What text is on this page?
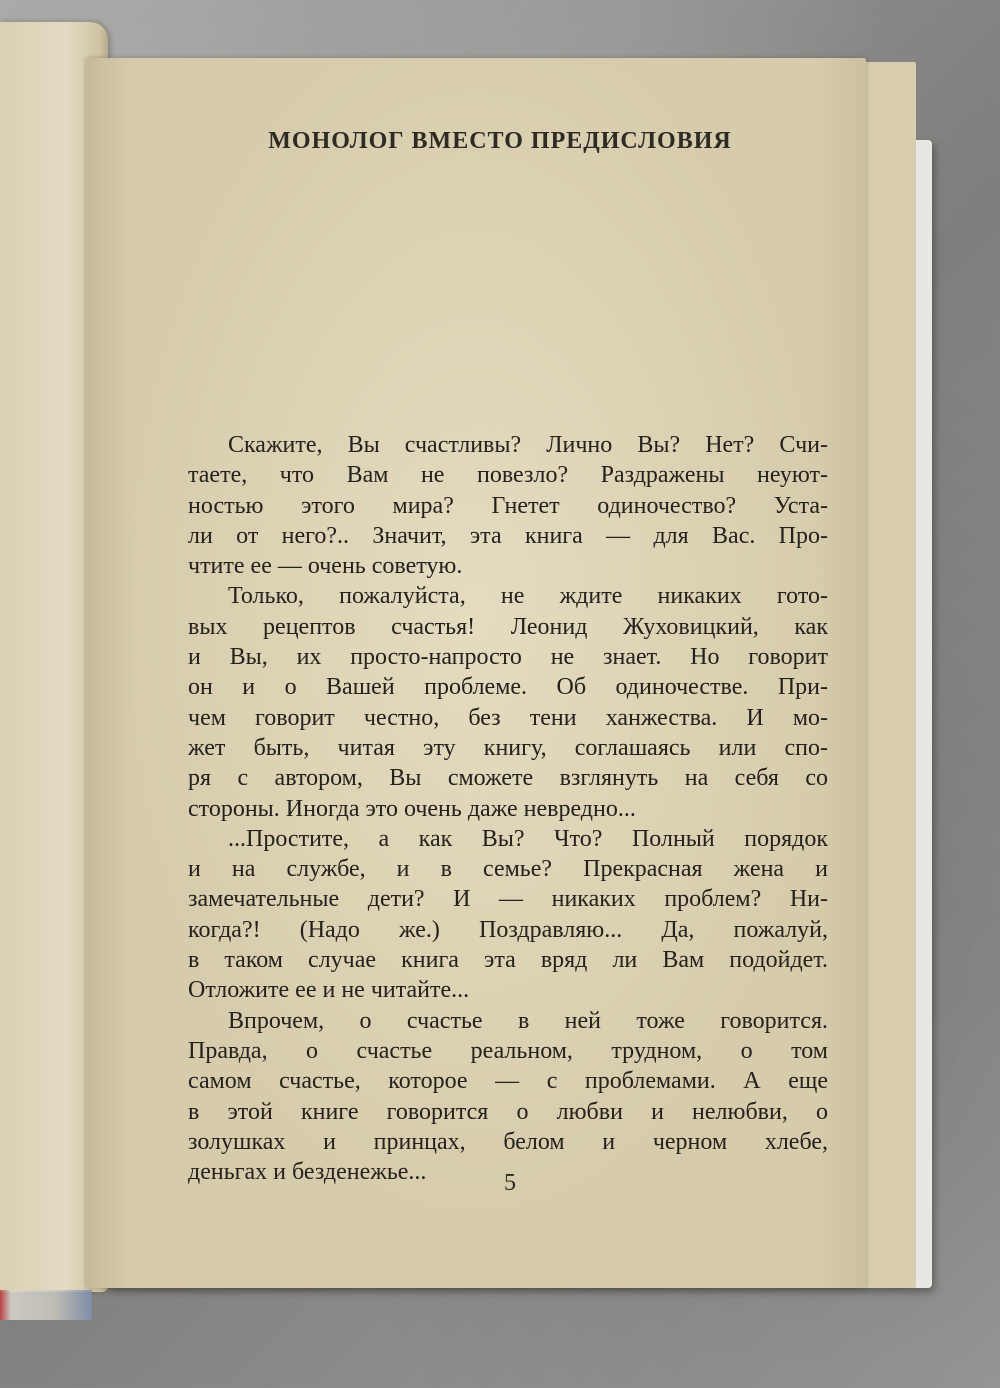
МОНОЛОГ ВМЕСТО ПРЕДИСЛОВИЯ
Скажите, Вы счастливы? Лично Вы? Нет? Счи-
таете, что Вам не повезло? Раздражены неуют-
ностью этого мира? Гнетет одиночество? Уста-
ли от него?.. Значит, эта книга — для Вас. Про-
чтите ее — очень советую.
Только, пожалуйста, не ждите никаких гото-
вых рецептов счастья! Леонид Жуховицкий, как
и Вы, их просто-напросто не знает. Но говорит
он и о Вашей проблеме. Об одиночестве. При-
чем говорит честно, без тени ханжества. И мо-
жет быть, читая эту книгу, соглашаясь или спо-
ря с автором, Вы сможете взглянуть на себя со
стороны. Иногда это очень даже невредно...
...Простите, а как Вы? Что? Полный порядок
и на службе, и в семье? Прекрасная жена и
замечательные дети? И — никаких проблем? Ни-
когда?! (Надо же.) Поздравляю... Да, пожалуй,
в таком случае книга эта вряд ли Вам подойдет.
Отложите ее и не читайте...
Впрочем, о счастье в ней тоже говорится.
Правда, о счастье реальном, трудном, о том
самом счастье, которое — с проблемами. А еще
в этой книге говорится о любви и нелюбви, о
золушках и принцах, белом и черном хлебе,
деньгах и безденежье...	5
